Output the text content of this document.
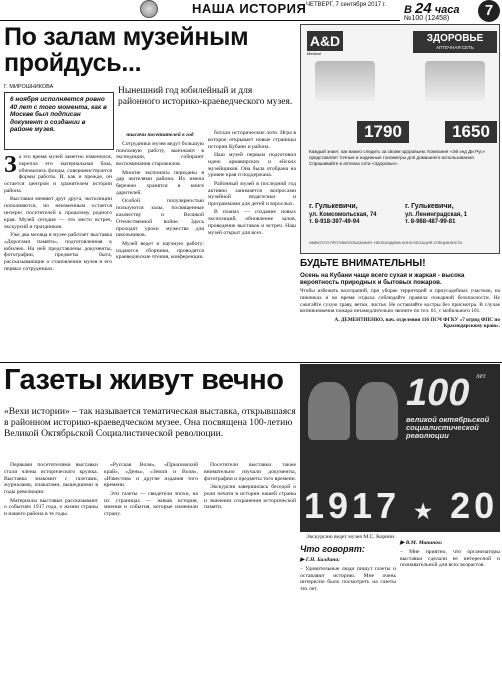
НАША ИСТОРИЯ ЧЕТВЕРГ, 7 сентября 2017 г. В 24 часа
№100 (12458)	7
По залам музейным пройдусь...
Г. МИРОШНИКОВА	Нынешний год юбилейный и для районного историко-краеведческого музея.
6 ноября исполняется ровно 40 лет с того момента, как в Москве был подписан документ о создании в районе музея.

За это время музей заметно изменился, окрепла его материальная база, обновились фонды, совершенствуются формы работы. И, как и прежде, он остается центром и хранителем истории района.

Выставки меняют друг друга, экспозиции пополняются, но неизменным остается интерес посетителей к прошлому родного края. Музей сегодня — это место встреч, экскурсий и праздников.

Уже два месяца в музее работает выставка «Дорогами памяти», подготовленная к юбилею. На ней представлены документы, фотографии, предметы быта, рассказывающие о становлении музея и его первых сотрудниках.

тысячи посетителей в год

Сотрудники музея ведут большую поисковую работу, выезжают в экспедиции, собирают воспоминания старожилов.

Многие экспонаты переданы в дар жителями района. Их имена бережно хранятся в книге дарителей.

Особой популярностью пользуются залы, посвященные казачеству и Великой Отечественной войне. Здесь проходят уроки мужества для школьников.

Музей ведет и научную работу: издаются сборники, проводятся краеведческие чтения, конференции.

ботали исторические лото. Игра в которое открывает новые страницы истории Кубани и района.

Наш музей первым подготовил идею армавирских и ейских музейщиков. Она была отобрана на уровне края и поддержана.

Районный музей в последний год активно занимается вопросами музейной педагогики и программами для детей и взрослых.

В планах — создание новых экспозиций, обновление залов, проведение выставок и встреч. Наш музей открыт для всех.

A&D
Medical
ЗДОРОВЬЕ
АПТЕЧНАЯ СЕТЬ
1790	1650
Каждый знает, как важно следить за своим здоровьем. Компания «Эй энд Ди Рус» представляет точные и надежные тонометры для домашнего использования. Спрашивайте в аптеках сети «Здоровье».
г. Гулькевичи,
ул. Комсомольская, 74
т. 8-918-397-49-94
г. Гулькевичи,
ул. Ленинградская, 1
т. 8-988-487-99-81
ИМЕЮТСЯ ПРОТИВОПОКАЗАНИЯ. НЕОБХОДИМА КОНСУЛЬТАЦИЯ СПЕЦИАЛИСТА.
БУДЬТЕ ВНИМАТЕЛЬНЫ!
Осень на Кубани чаще всего сухая и жаркая - высока вероятность природных и бытовых пожаров.
Чтобы избежать возгораний, при уборке территорий и приусадебных участков, на пикниках и во время отдыха соблюдайте правила пожарной безопасности. Не сжигайте сухую траву, ветки, листья. Не оставляйте костры без присмотра. В случае возникновения пожара незамедлительно звоните по тел. 01, с мобильного 101.
А. ДЕМЕНТИЕНКО, нач. отделения 116 ПСЧ ФГКУ «7 отряд ФПС по Краснодарскому краю».
Газеты живут вечно
«Вехи истории» – так называется тематическая выставка, открывшаяся в районном историко-краеведческом музее. Она посвящена 100-летию Великой Октябрьской Социалистической революции.
100 лет
великой октябрьской социалистической революции
1917 ★ 20
Экскурсию ведет музея М.С. Корнин.

Первыми посетителями выставки стали члены исторического кружка. Выставка знакомит с газетами, журналами, плакатами, вышедшими в годы революции.

Материалы выставки рассказывают о событиях 1917 года, о жизни страны и нашего района в те годы.

«Русская Воля», «Приазовский край», «День», «Земля и Воля», «Известия» и другие издания того времени.

Эти газеты — свидетели эпохи, на их страницах — живая история, мнения и события, которые изменили страну.

Посетители выставки также внимательно изучали документы, фотографии и предметы того времени.

Экскурсия завершилась беседой о роли печати в истории нашей страны и значении сохранения исторической памяти.

Что говорят:
▶ Г.Н. Балдина:
– Удивительные люди пишут газеты и оставляют историю. Мне очень интересно было посмотреть на газеты тех лет.
▶ В.М. Манапов:
– Мне приятно, что организаторы выставки сделали ее интересной и познавательной для всех возрастов.
